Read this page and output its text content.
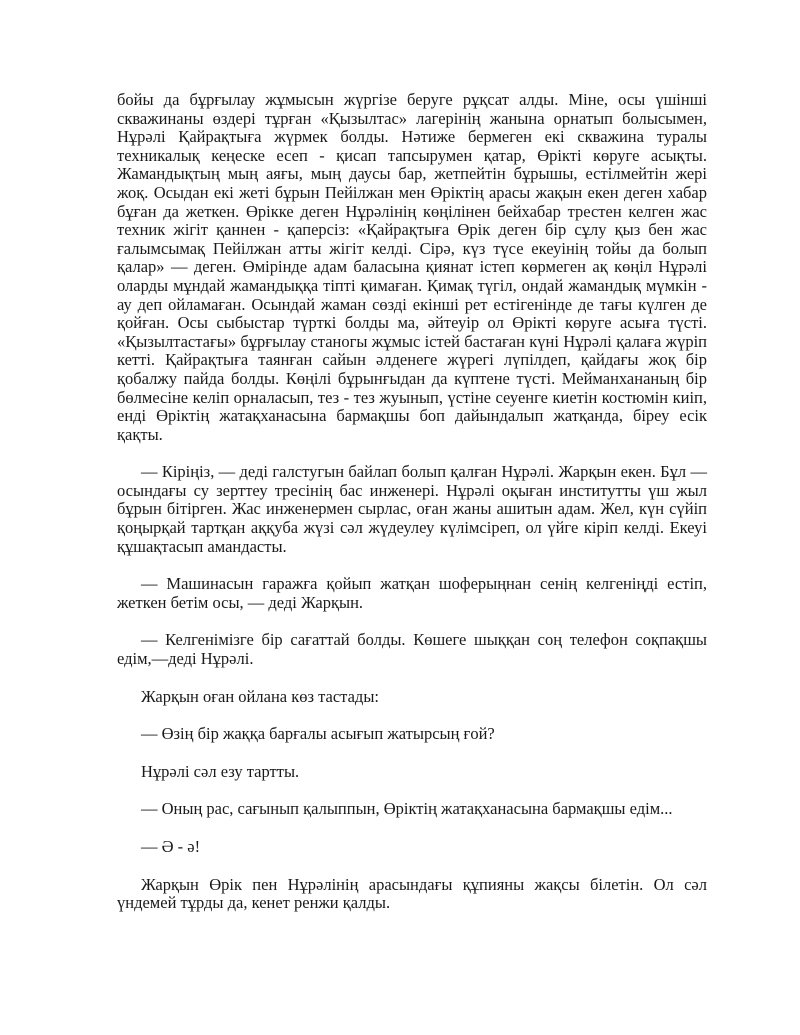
бойы да бұрғылау жұмысын жүргізе беруге рұқсат алды. Міне, осы үшінші скважинаны өздері тұрған «Қызылтас» лагерінің жанына орнатып болысымен, Нұрәлі Қайрақтыға жүрмек болды. Нәтиже бермеген екі скважина туралы техникалық кеңеске есеп - қисап тапсырумен қатар, Өрікті көруге асықты. Жамандықтың мың аяғы, мың даусы бар, жетпейтін бұрышы, естілмейтін жері жоқ. Осыдан екі жеті бұрын Пейілжан мен Өріктің арасы жақын екен деген хабар бұған да жеткен. Өрікке деген Нұрәлінің көңілінен бейхабар трестен келген жас техник жігіт қаннен - қаперсіз: «Қайрақтыға Өрік деген бір сұлу қыз бен жас ғалымсымақ Пейілжан атты жігіт келді. Сірә, күз түсе екеуінің тойы да болып қалар» — деген. Өмірінде адам баласына қиянат істеп көрмеген ақ көңіл Нұрәлі оларды мұндай жамандыққа тіпті қимаған. Қимақ түгіл, ондай жамандық мүмкін - ау деп ойламаған. Осындай жаман сөзді екінші рет естігенінде де тағы күлген де қойған. Осы сыбыстар түрткі болды ма, әйтеуір ол Өрікті көруге асыға түсті. «Қызылтастағы» бұрғылау станогы жұмыс істей бастаған күні Нұрәлі қалаға жүріп кетті. Қайрақтыға таянған сайын әлденеге жүрегі лүпілдеп, қайдағы жоқ бір қобалжу пайда болды. Көңілі бұрынғыдан да күптене түсті. Мейманхананың бір бөлмесіне келіп орналасып, тез - тез жуынып, үстіне сеуенге киетін костюмін киіп, енді Өріктің жатақханасына бармақшы боп дайындалып жатқанда, біреу есік қақты.

— Кіріңіз, — деді галстугын байлап болып қалған Нұрәлі. Жарқын екен. Бұл — осындағы су зерттеу тресінің бас инженері. Нұрәлі оқыған институтты үш жыл бұрын бітірген. Жас инженермен сырлас, оған жаны ашитын адам. Жел, күн сүйіп қоңырқай тартқан аққуба жүзі сәл жүдеулеу күлімсіреп, ол үйге кіріп келді. Екеуі құшақтасып амандасты.

— Машинасын гаражға қойып жатқан шоферыңнан сенің келгеніңді естіп, жеткен бетім осы, — деді Жарқын.

— Келгенімізге бір сағаттай болды. Көшеге шыққан соң телефон соқпақшы едім,—деді Нұрәлі.

Жарқын оған ойлана көз тастады:

— Өзің бір жаққа барғалы асығып жатырсың ғой?

Нұрәлі сәл езу тартты.

— Оның рас, сағынып қалыппын, Өріктің жатақханасына бармақшы едім...

— Ә - ә!

Жарқын Өрік пен Нұрәлінің арасындағы құпияны жақсы білетін. Ол сәл үндемей тұрды да, кенет ренжи қалды.
